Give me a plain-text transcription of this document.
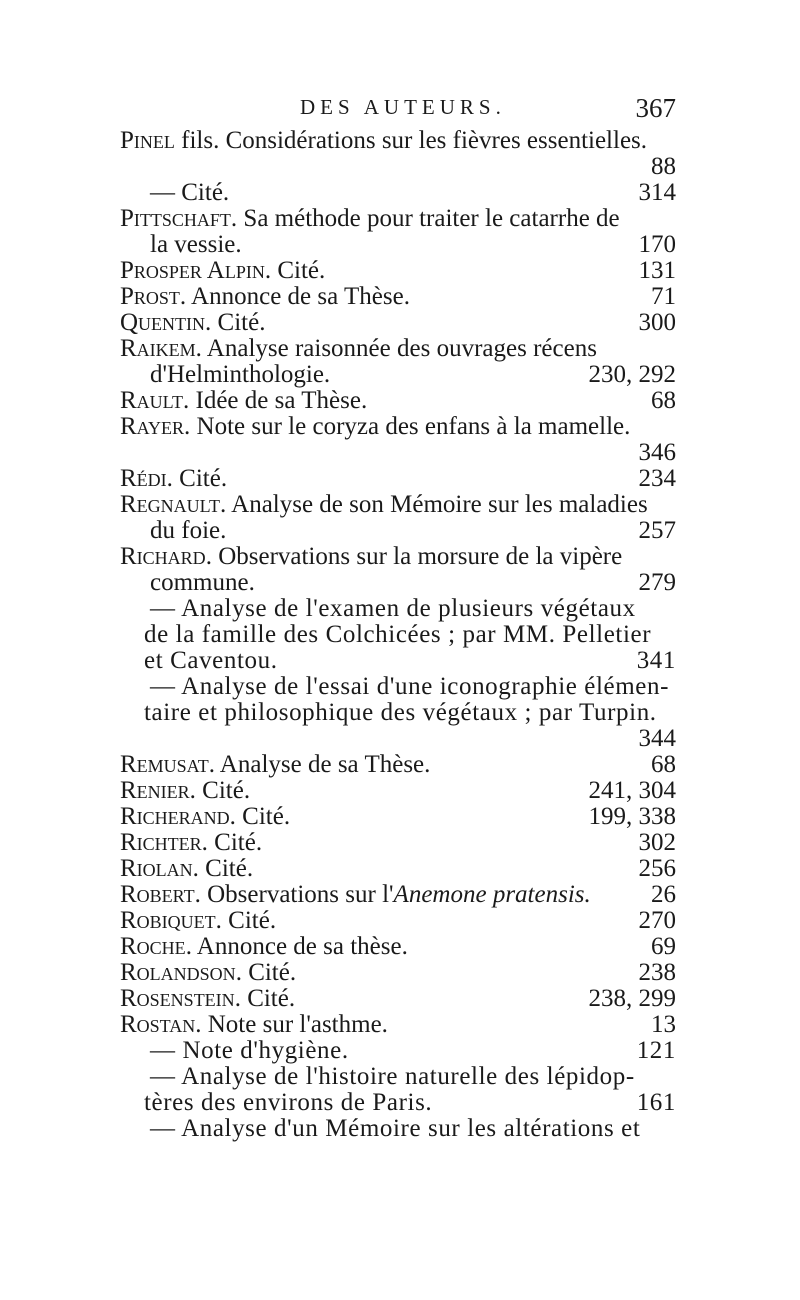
DES AUTEURS.	367
Pinel fils. Considérations sur les fièvres essentielles.
88
— Cité.	314
Pittschaft. Sa méthode pour traiter le catarrhe de
la vessie.	170
Prosper Alpin. Cité.	131
Prost. Annonce de sa Thèse.	71
Quentin. Cité.	300
Raikem. Analyse raisonnée des ouvrages récens
d'Helminthologie.	230, 292
Rault. Idée de sa Thèse.	68
Rayer. Note sur le coryza des enfans à la mamelle.
346
Rédi. Cité.	234
Regnault. Analyse de son Mémoire sur les maladies
du foie.	257
Richard. Observations sur la morsure de la vipère
commune.	279
— Analyse de l'examen de plusieurs végétaux
de la famille des Colchicées ; par MM. Pelletier
et Caventou.	341
— Analyse de l'essai d'une iconographie élémen-
taire et philosophique des végétaux ; par Turpin.
344
Remusat. Analyse de sa Thèse.	68
Renier. Cité.	241, 304
Richerand. Cité.	199, 338
Richter. Cité.	302
Riolan. Cité.	256
Robert. Observations sur l'Anemone pratensis. 26
Robiquet. Cité.	270
Roche. Annonce de sa thèse.	69
Rolandson. Cité.	238
Rosenstein. Cité.	238, 299
Rostan. Note sur l'asthme.	13
— Note d'hygiène.	121
— Analyse de l'histoire naturelle des lépidop-
tères des environs de Paris.	161
— Analyse d'un Mémoire sur les altérations et
